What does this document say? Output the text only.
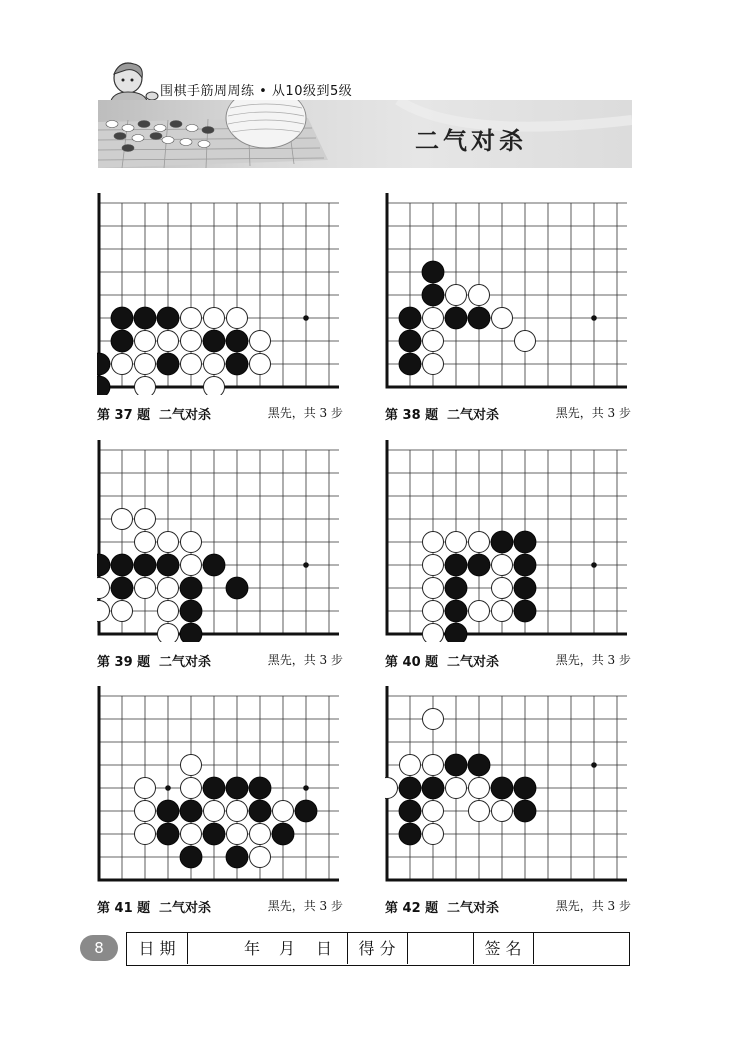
围棋手筋周周练 • 从10级到5级
二气对杀
第 37 题 二气对杀	黑先，共 3 步	第 38 题 二气对杀	黑先，共 3 步
第 39 题 二气对杀	黑先，共 3 步	第 40 题 二气对杀	黑先，共 3 步
第 41 题 二气对杀	黑先，共 3 步	第 42 题 二气对杀	黑先，共 3 步
8	日 期	年	月	日	得 分	签 名
